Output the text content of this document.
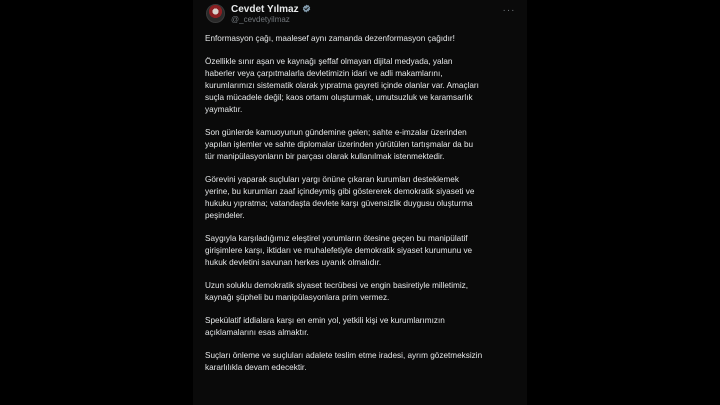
Cevdet Yılmaz
@_cevdetyilmaz
···

Enformasyon çağı, maalesef aynı zamanda dezenformasyon çağıdır!

Özellikle sınır aşan ve kaynağı şeffaf olmayan dijital medyada, yalan
haberler veya çarpıtmalarla devletimizin idari ve adli makamlarını,
kurumlarımızı sistematik olarak yıpratma gayreti içinde olanlar var. Amaçları
suçla mücadele değil; kaos ortamı oluşturmak, umutsuzluk ve karamsarlık
yaymaktır.

Son günlerde kamuoyunun gündemine gelen; sahte e-imzalar üzerinden
yapılan işlemler ve sahte diplomalar üzerinden yürütülen tartışmalar da bu
tür manipülasyonların bir parçası olarak kullanılmak istenmektedir.

Görevini yaparak suçluları yargı önüne çıkaran kurumları desteklemek
yerine, bu kurumları zaaf içindeymiş gibi göstererek demokratik siyaseti ve
hukuku yıpratma; vatandaşta devlete karşı güvensizlik duygusu oluşturma
peşindeler.

Saygıyla karşıladığımız eleştirel yorumların ötesine geçen bu manipülatif
girişimlere karşı, iktidarı ve muhalefetiyle demokratik siyaset kurumunu ve
hukuk devletini savunan herkes uyanık olmalıdır.

Uzun soluklu demokratik siyaset tecrübesi ve engin basiretiyle milletimiz,
kaynağı şüpheli bu manipülasyonlara prim vermez.

Spekülatif iddialara karşı en emin yol, yetkili kişi ve kurumlarımızın
açıklamalarını esas almaktır.

Suçları önleme ve suçluları adalete teslim etme iradesi, ayrım gözetmeksizin
kararlılıkla devam edecektir.
